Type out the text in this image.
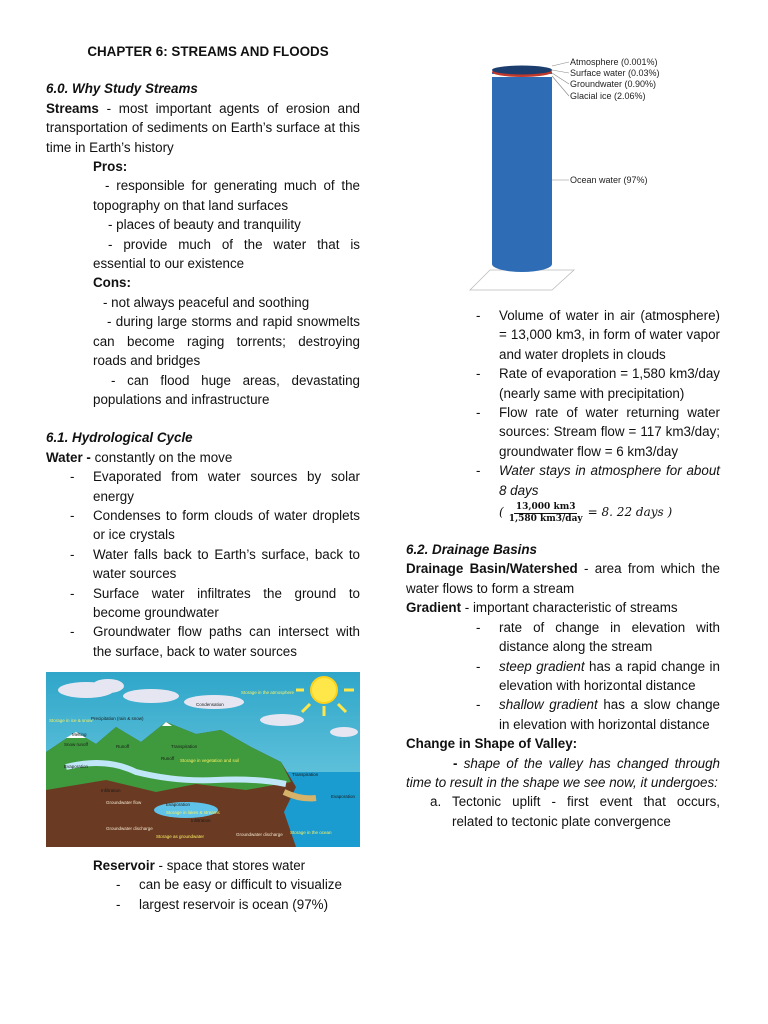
CHAPTER 6: STREAMS AND FLOODS
6.0. Why Study Streams

Streams - most important agents of erosion and transportation of sediments on Earth’s surface at this time in Earth’s history

Pros:
- responsible for generating much of the topography on that land surfaces
- places of beauty and tranquility
- provide much of the water that is essential to our existence
Cons:
- not always peaceful and soothing
- during large storms and rapid snowmelts can become raging torrents; destroying roads and bridges
- can flood huge areas, devastating populations and infrastructure
6.1. Hydrological Cycle

Water - constantly on the move

- Evaporated from water sources by solar energy
- Condenses to form clouds of water droplets or ice crystals
- Water falls back to Earth’s surface, back to water sources
- Surface water infiltrates the ground to become groundwater
- Groundwater flow paths can intersect with the surface, back to water sources
Condensation
Storage in the atmosphere
Precipitation (rain & snow)
Storage in ice & snow
Melting
Snow runoff	Runoff
Runoff
Transpiration
Transpiration
Evaporation
Evaporation
Evaporation
Storage in vegetation and soil
Infiltration
Infiltration
Groundwater flow
Groundwater discharge
Groundwater discharge
Storage as groundwater
Storage in lakes & streams
Storage in the ocean

Reservoir - space that stores water

- can be easy or difficult to visualize
- largest reservoir is ocean (97%)
Atmosphere (0.001%)
Surface water (0.03%)
Groundwater (0.90%)
Glacial ice (2.06%)
Ocean water (97%)
- Volume of water in air (atmosphere) = 13,000 km3, in form of water vapor and water droplets in clouds
- Rate of evaporation = 1,580 km3/day (nearly same with precipitation)
- Flow rate of water returning water sources: Stream flow = 117 km3/day; groundwater flow = 6 km3/day
- Water stays in atmosphere for about 8 days
( $\frac{13,000 km3}{\text{1,580 km3/day}} = 8$. 22 days )
6.2. Drainage Basins

Drainage Basin/Watershed - area from which the water flows to form a stream

Gradient - important characteristic of streams

- rate of change in elevation with distance along the stream
- steep gradient has a rapid change in elevation with horizontal distance
- shallow gradient has a slow change in elevation with horizontal distance
Change in Shape of Valley:

- shape of the valley has changed through time to result in the shape we see now, it undergoes:

a. Tectonic uplift - first event that occurs, related to tectonic plate convergence
